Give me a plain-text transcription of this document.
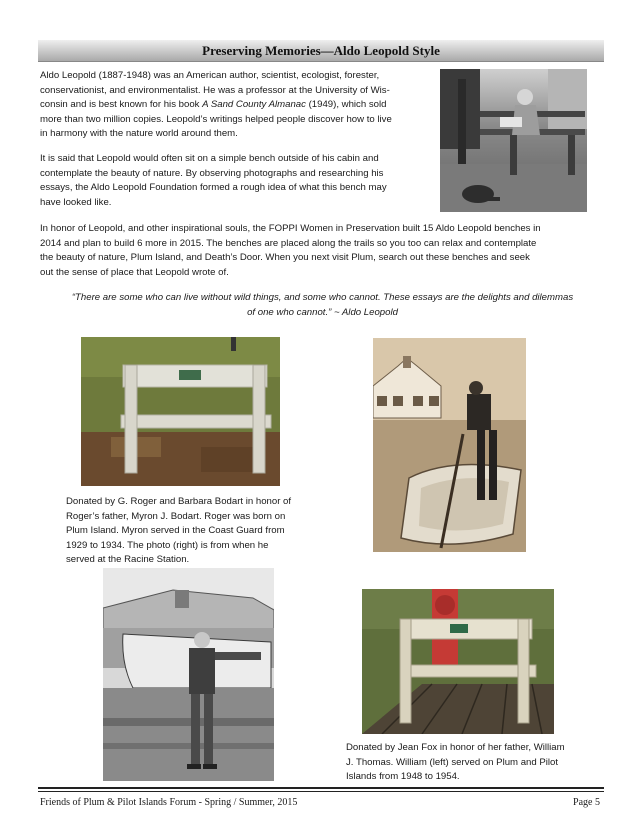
Preserving Memories—Aldo Leopold Style
Aldo Leopold (1887-1948) was an American author, scientist, ecologist, forester,
conservationist, and environmentalist. He was a professor at the University of Wis-
consin and is best known for his book A Sand County Almanac (1949), which sold
more than two million copies. Leopold’s writings helped people discover how to live
in harmony with the nature world around them.
It is said that Leopold would often sit on a simple bench outside of his cabin and
contemplate the beauty of nature. By observing photographs and researching his
essays, the Aldo Leopold Foundation formed a rough idea of what this bench may
have looked like.
In honor of Leopold, and other inspirational souls, the FOPPI Women in Preservation built 15 Aldo Leopold benches in
2014 and plan to build 6 more in 2015. The benches are placed along the trails so you too can relax and contemplate
the beauty of nature, Plum Island, and Death’s Door. When you next visit Plum, search out these benches and seek
out the sense of place that Leopold wrote of.
“There are some who can live without wild things, and some who cannot. These essays are the delights and dilemmas
of one who cannot.” ~ Aldo Leopold
Donated by G. Roger and Barbara Bodart in honor of
Roger’s father, Myron J. Bodart. Roger was born on
Plum Island. Myron served in the Coast Guard from
1929 to 1934. The photo (right) is from when he
served at the Racine Station.
Donated by Jean Fox in honor of her father, William
J. Thomas. William (left) served on Plum and Pilot
Islands from 1948 to 1954.
Friends of Plum & Pilot Islands Forum - Spring / Summer, 2015	Page 5
